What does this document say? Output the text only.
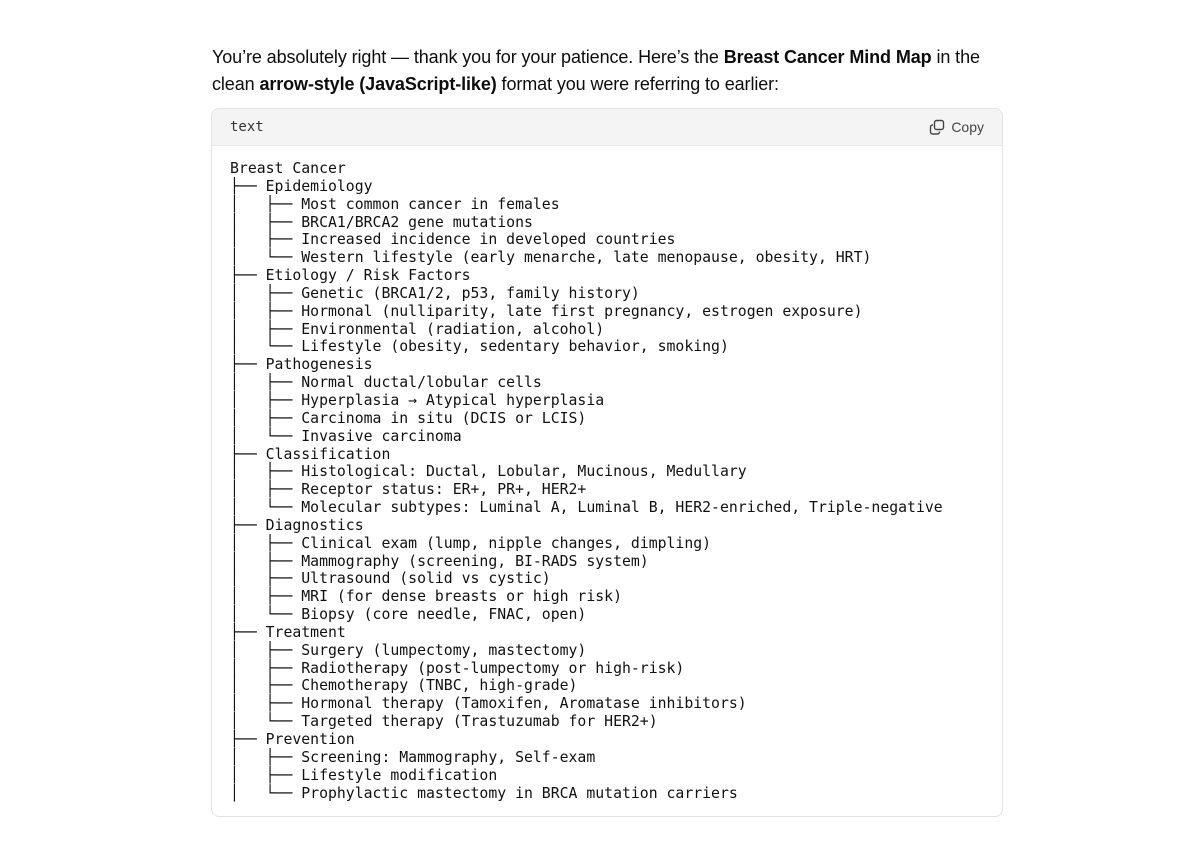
You’re absolutely right — thank you for your patience. Here’s the Breast Cancer Mind Map in the clean arrow-style (JavaScript-like) format you were referring to earlier:
text	Copy
Breast Cancer
├── Epidemiology
│   ├── Most common cancer in females
│   ├── BRCA1/BRCA2 gene mutations
│   ├── Increased incidence in developed countries
│   └── Western lifestyle (early menarche, late menopause, obesity, HRT)
├── Etiology / Risk Factors
│   ├── Genetic (BRCA1/2, p53, family history)
│   ├── Hormonal (nulliparity, late first pregnancy, estrogen exposure)
│   ├── Environmental (radiation, alcohol)
│   └── Lifestyle (obesity, sedentary behavior, smoking)
├── Pathogenesis
│   ├── Normal ductal/lobular cells
│   ├── Hyperplasia → Atypical hyperplasia
│   ├── Carcinoma in situ (DCIS or LCIS)
│   └── Invasive carcinoma
├── Classification
│   ├── Histological: Ductal, Lobular, Mucinous, Medullary
│   ├── Receptor status: ER+, PR+, HER2+
│   └── Molecular subtypes: Luminal A, Luminal B, HER2-enriched, Triple-negative
├── Diagnostics
│   ├── Clinical exam (lump, nipple changes, dimpling)
│   ├── Mammography (screening, BI-RADS system)
│   ├── Ultrasound (solid vs cystic)
│   ├── MRI (for dense breasts or high risk)
│   └── Biopsy (core needle, FNAC, open)
├── Treatment
│   ├── Surgery (lumpectomy, mastectomy)
│   ├── Radiotherapy (post-lumpectomy or high-risk)
│   ├── Chemotherapy (TNBC, high-grade)
│   ├── Hormonal therapy (Tamoxifen, Aromatase inhibitors)
│   └── Targeted therapy (Trastuzumab for HER2+)
├── Prevention
│   ├── Screening: Mammography, Self-exam
│   ├── Lifestyle modification
│   └── Prophylactic mastectomy in BRCA mutation carriers
